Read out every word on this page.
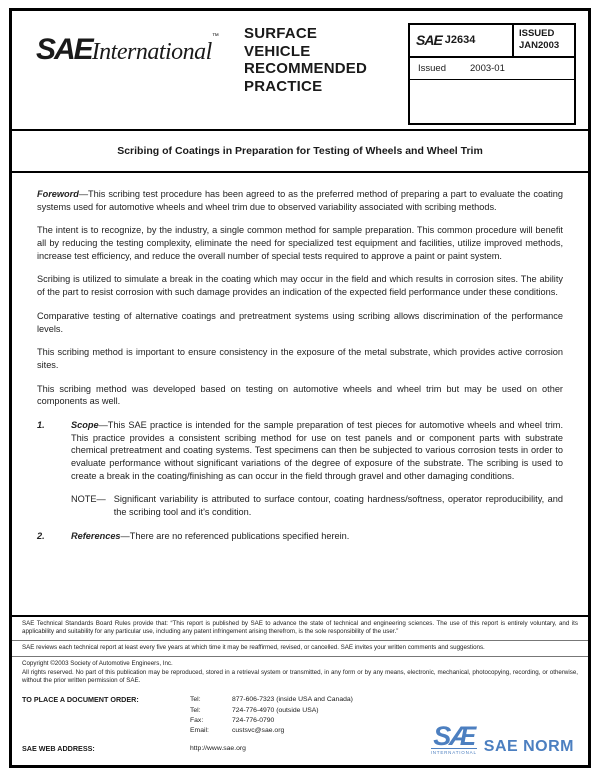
SAEInternational™	SURFACE
VEHICLE
RECOMMENDED
PRACTICE
SAE J2634
ISSUED
JAN2003
Issued	2003-01
Scribing of Coatings in Preparation for Testing of Wheels and Wheel Trim

Foreword—This scribing test procedure has been agreed to as the preferred method of preparing a part to evaluate the coating systems used for automotive wheels and wheel trim due to observed variability associated with scribing methods.

The intent is to recognize, by the industry, a single common method for sample preparation. This common procedure will benefit all by reducing the testing complexity, eliminate the need for specialized test equipment and facilities, utilize improved methods, increase test efficiency, and reduce the overall number of special tests required to approve a paint or paint system.

Scribing is utilized to simulate a break in the coating which may occur in the field and which results in corrosion sites. The ability of the part to resist corrosion with such damage provides an indication of the expected field performance under these conditions.

Comparative testing of alternative coatings and pretreatment systems using scribing allows discrimination of the performance levels.

This scribing method is important to ensure consistency in the exposure of the metal substrate, which provides active corrosion sites.

This scribing method was developed based on testing on automotive wheels and wheel trim but may be used on other components as well.

1.	Scope—This SAE practice is intended for the sample preparation of test pieces for automotive wheels and wheel trim. This practice provides a consistent scribing method for use on test panels and or component parts with substrate chemical pretreatment and coating systems. Test specimens can then be subjected to various corrosion tests in order to evaluate performance without significant variations of the degree of exposure of the substrate. The scribing is used to create a break in the coating/finishing as can occur in the field through gravel and other damaging conditions.
NOTE— Significant variability is attributed to surface contour, coating hardness/softness, operator reproducibility, and the scribing tool and it's condition.
2.	References—There are no referenced publications specified herein.
SAE Technical Standards Board Rules provide that: “This report is published by SAE to advance the state of technical and engineering sciences. The use of this report is entirely voluntary, and its applicability and suitability for any particular use, including any patent infringement arising therefrom, is the sole responsibility of the user.”
SAE reviews each technical report at least every five years at which time it may be reaffirmed, revised, or cancelled. SAE invites your written comments and suggestions.
Copyright ©2003 Society of Automotive Engineers, Inc.
All rights reserved. No part of this publication may be reproduced, stored in a retrieval system or transmitted, in any form or by any means, electronic, mechanical, photocopying, recording, or otherwise, without the prior written permission of SAE.
TO PLACE A DOCUMENT ORDER:	Tel:	877-606-7323 (inside USA and Canada)
Tel:	724-776-4970 (outside USA)
Fax:	724-776-0790
Email:	custsvc@sae.org
SAE WEB ADDRESS:	http://www.sae.org	SÆ
INTERNATIONAL SAE NORM
